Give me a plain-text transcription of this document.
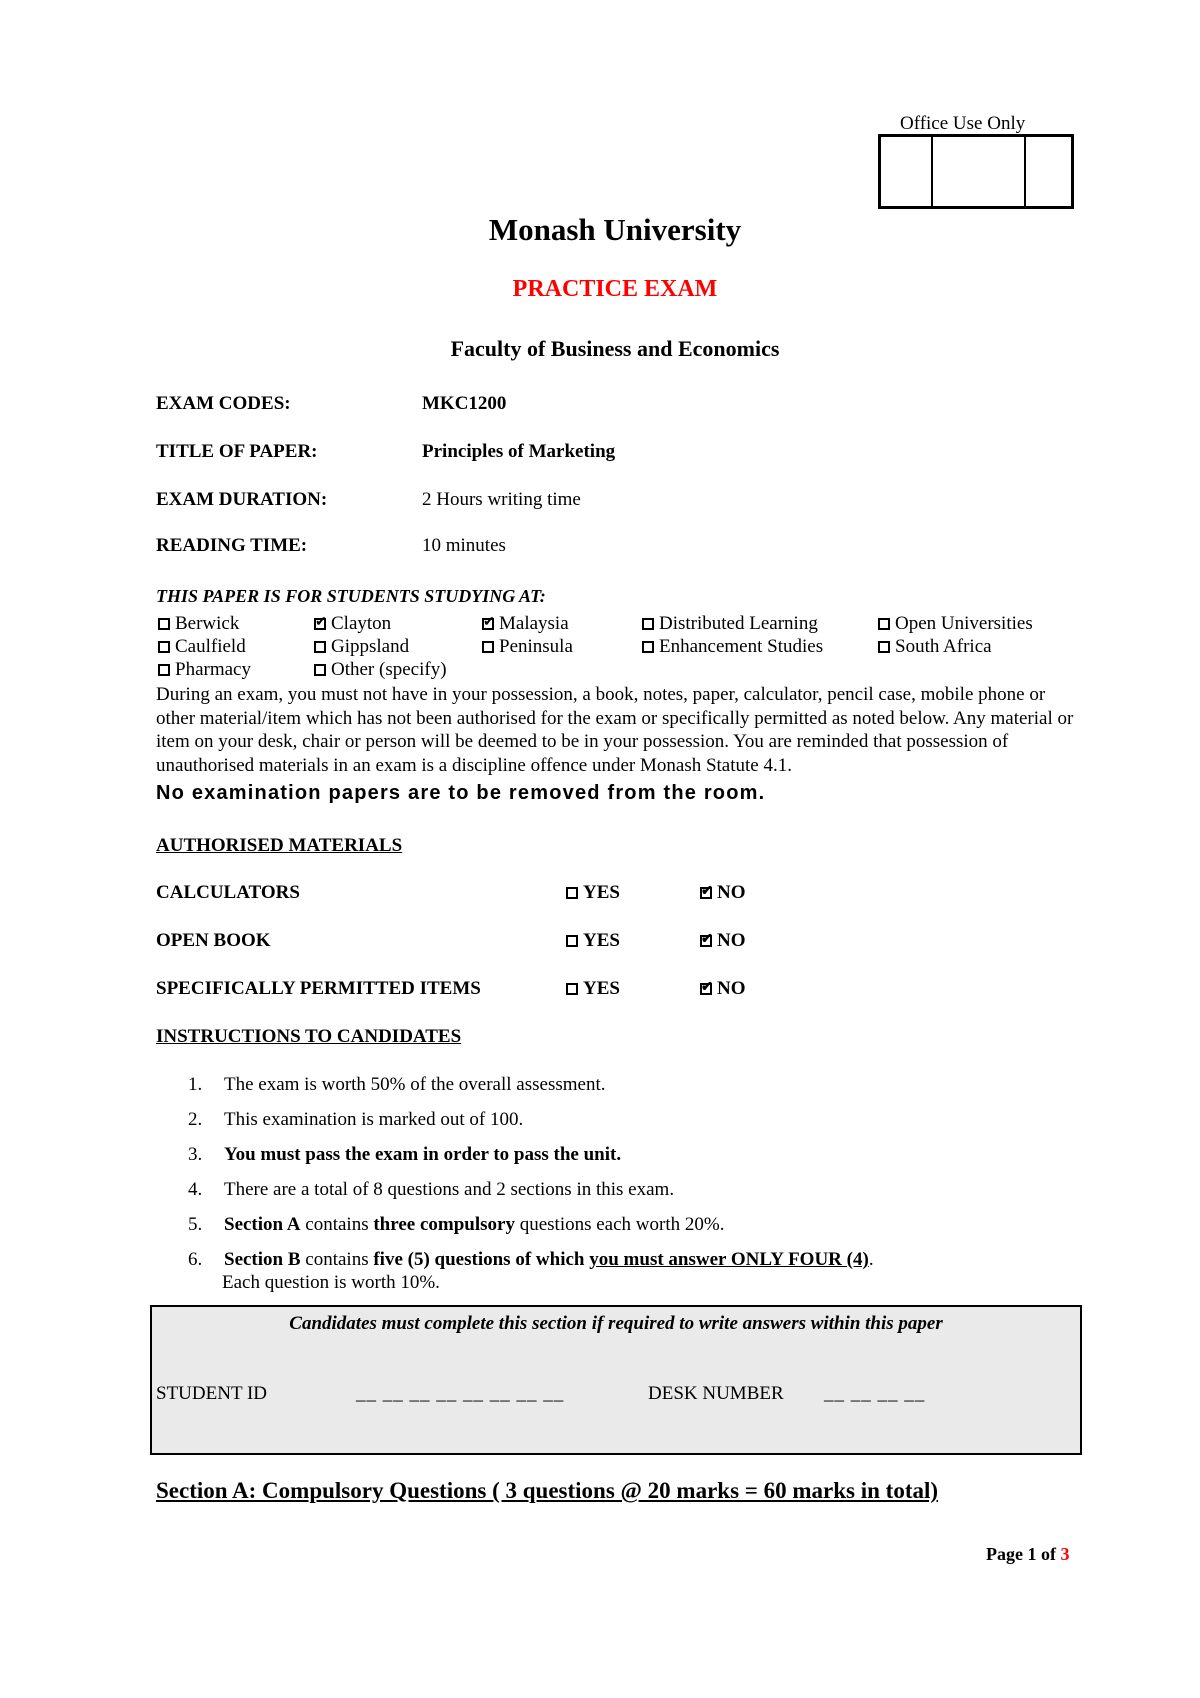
Office Use Only
Monash University
PRACTICE EXAM
Faculty of Business and Economics
EXAM CODES:	MKC1200
TITLE OF PAPER:	Principles of Marketing
EXAM DURATION:	2 Hours writing time
READING TIME:	10 minutes
THIS PAPER IS FOR STUDENTS STUDYING AT:
Berwick ✔	Clayton ✔	Malaysia	Distributed Learning	Open Universities
Caulfield	Gippsland	Peninsula	Enhancement Studies	South Africa
Pharmacy	Other (specify)
During an exam, you must not have in your possession, a book, notes, paper, calculator, pencil case, mobile phone or other material/item which has not been authorised for the exam or specifically permitted as noted below. Any material or item on your desk, chair or person will be deemed to be in your possession. You are reminded that possession of unauthorised materials in an exam is a discipline offence under Monash Statute 4.1.
No examination papers are to be removed from the room.
AUTHORISED MATERIALS
CALCULATORS	YES ✔	NO
OPEN BOOK	YES ✔	NO
SPECIFICALLY PERMITTED ITEMS	YES ✔	NO
INSTRUCTIONS TO CANDIDATES
1.	The exam is worth 50% of the overall assessment.
2.	This examination is marked out of 100.
3.	You must pass the exam in order to pass the unit.
4.	There are a total of 8 questions and 2 sections in this exam.
5.	Section A contains three compulsory questions each worth 20%.
6.	Section B contains five (5) questions of which you must answer ONLY FOUR (4).
Each question is worth 10%.
Candidates must complete this section if required to write answers within this paper
STUDENT ID	__ __ __ __ __ __ __ __	DESK NUMBER __ __ __ __
Section A: Compulsory Questions ( 3 questions @ 20 marks = 60 marks in total)
Page 1 of 3
